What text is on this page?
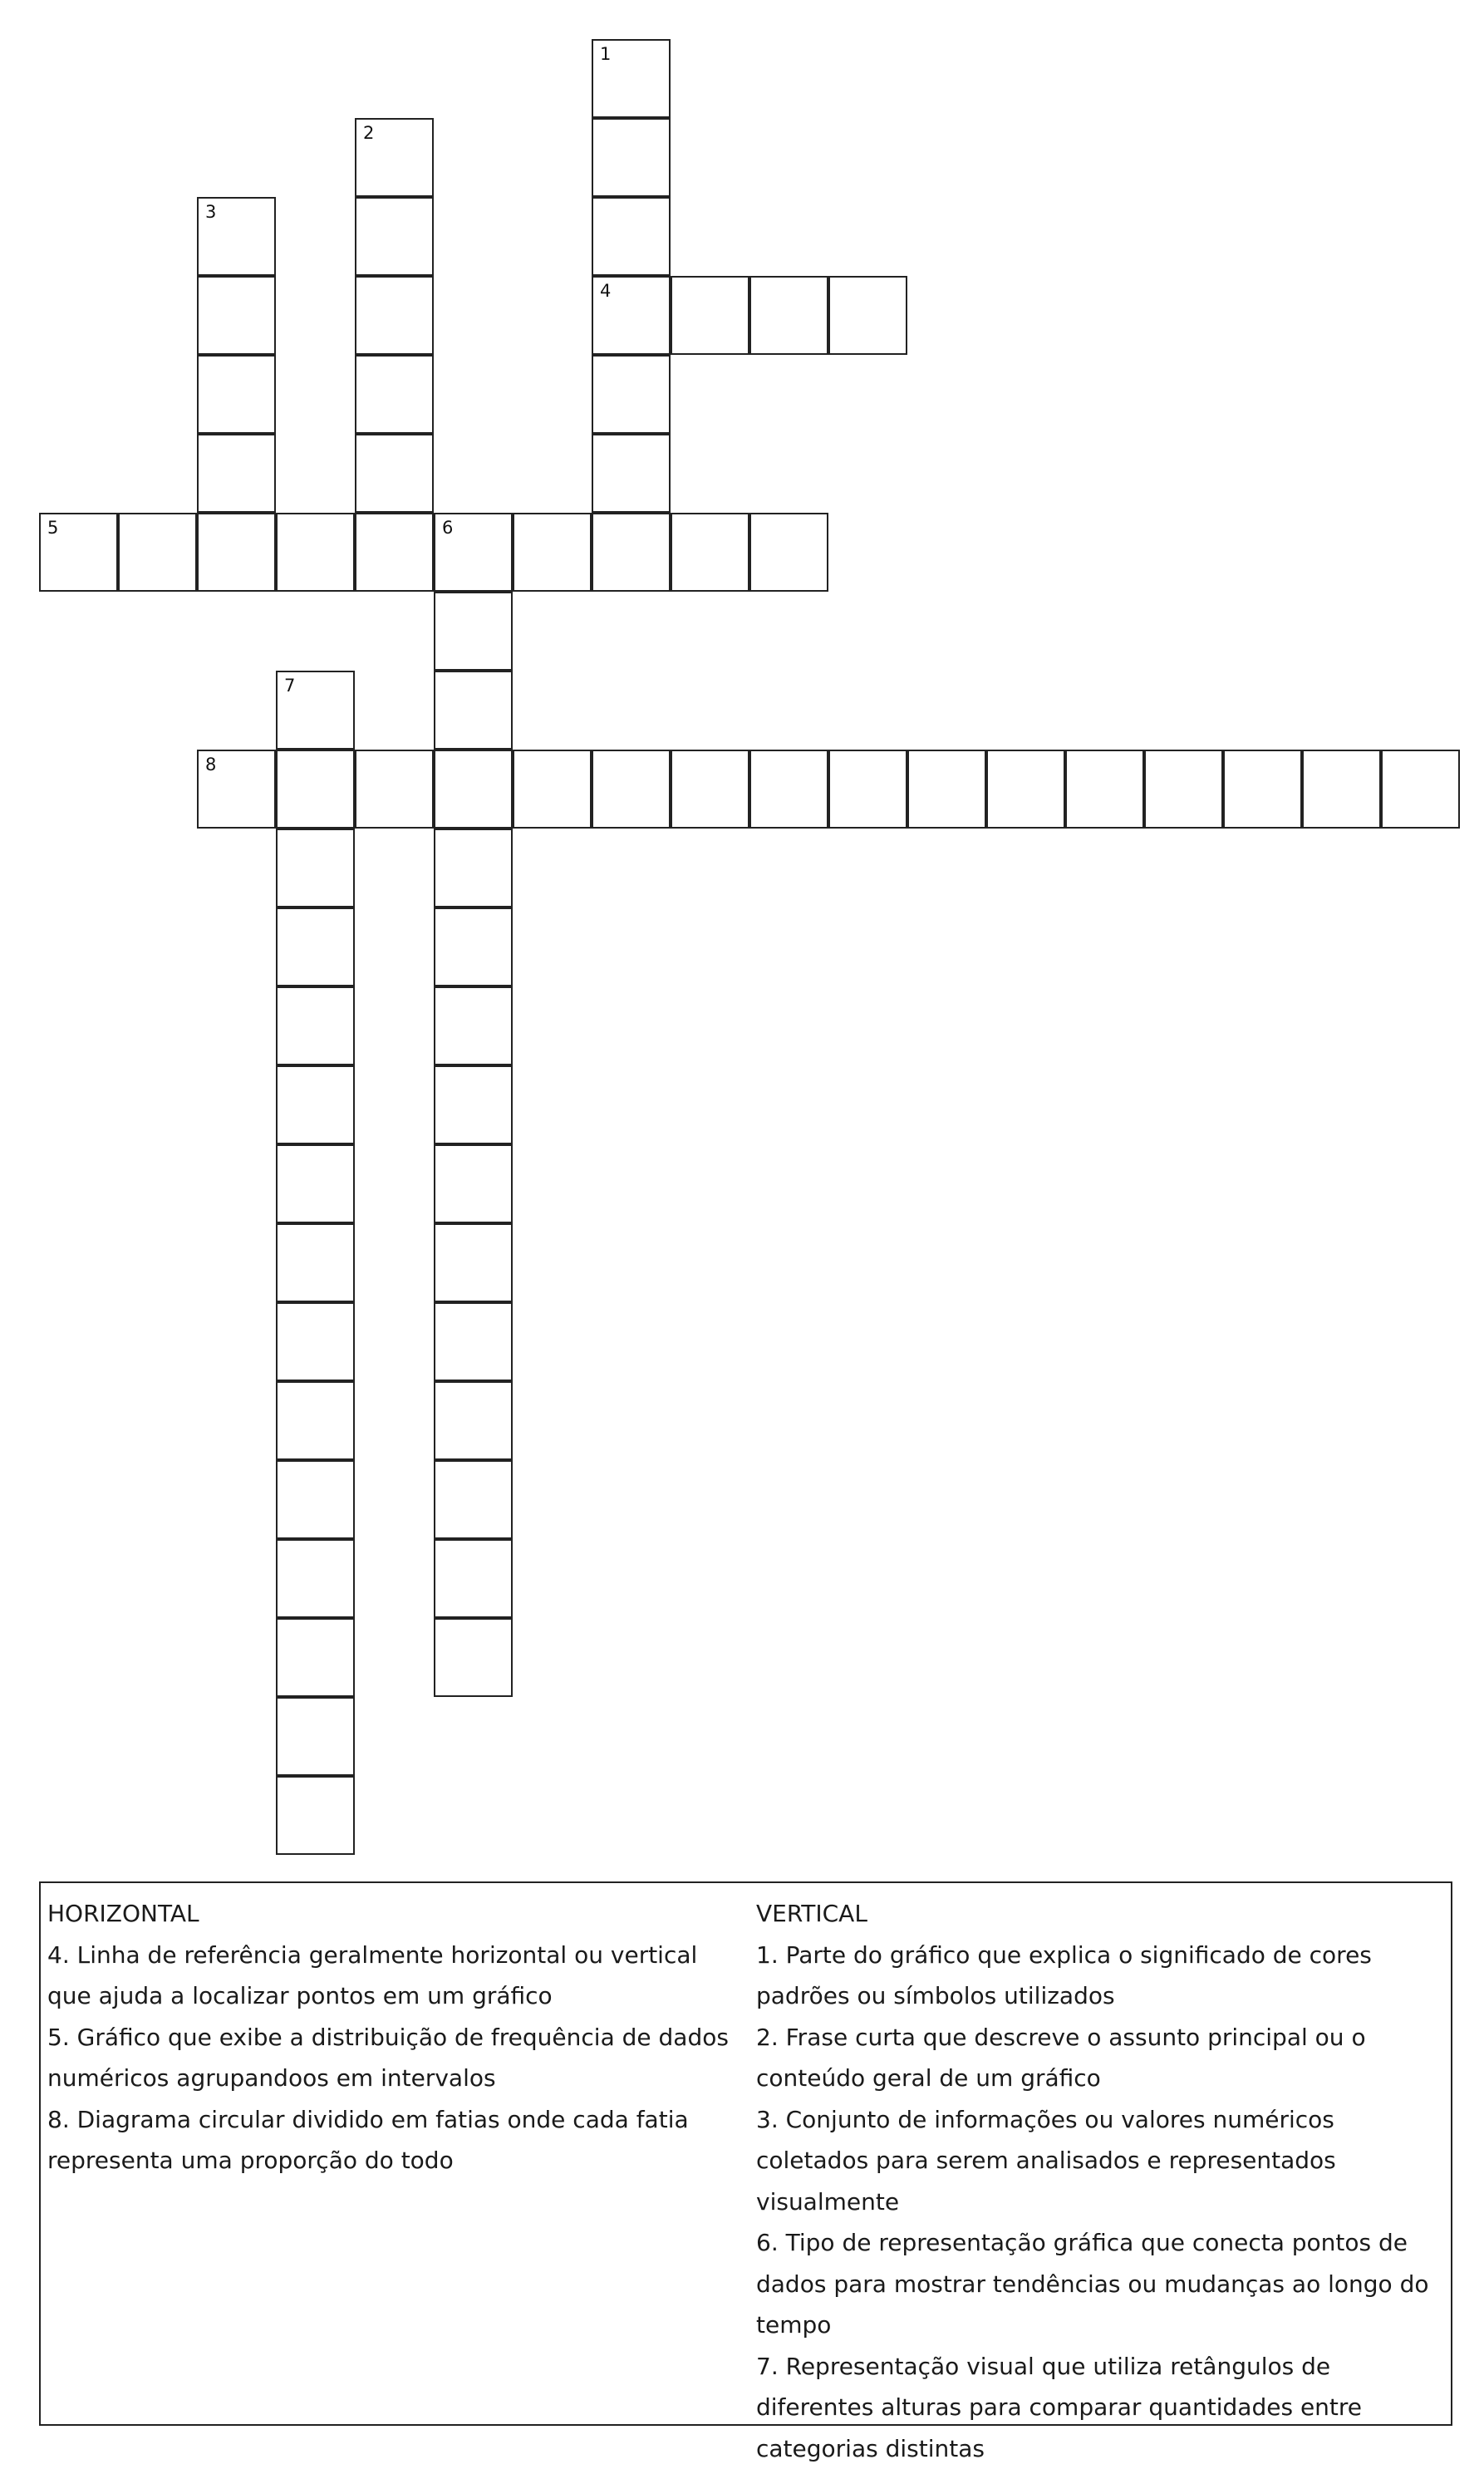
1
4
2
3
5	6
7
8
HORIZONTAL
4. Linha de referência geralmente horizontal ou vertical que ajuda a localizar pontos em um gráfico
5. Gráfico que exibe a distribuição de frequência de dados numéricos agrupandoos em intervalos
8. Diagrama circular dividido em fatias onde cada fatia representa uma proporção do todo
VERTICAL
1. Parte do gráfico que explica o significado de cores padrões ou símbolos utilizados
2. Frase curta que descreve o assunto principal ou o conteúdo geral de um gráfico
3. Conjunto de informações ou valores numéricos coletados para serem analisados e representados visualmente
6. Tipo de representação gráfica que conecta pontos de dados para mostrar tendências ou mudanças ao longo do tempo
7. Representação visual que utiliza retângulos de diferentes alturas para comparar quantidades entre categorias distintas
